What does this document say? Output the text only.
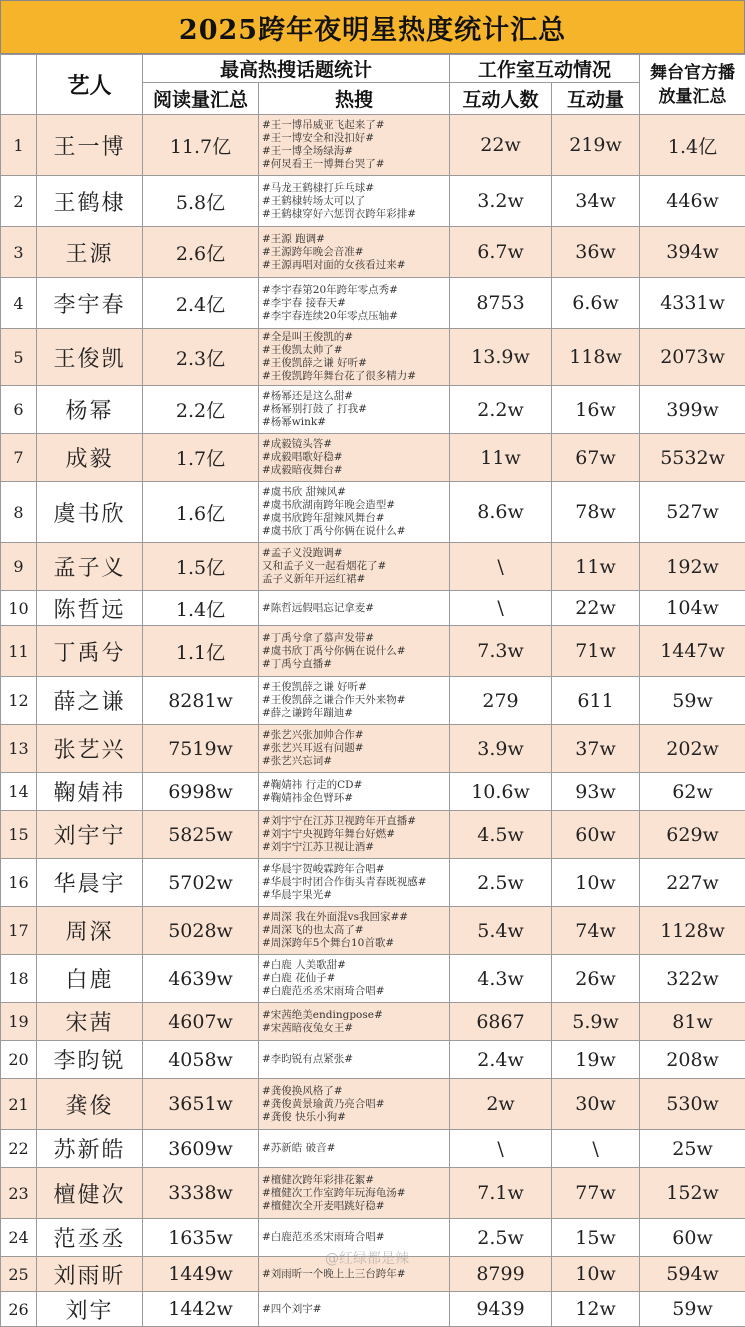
2025跨年夜明星热度统计汇总
	艺人	最高热搜话题统计		工作室互动情况		舞台官方播放量汇总
		阅读量汇总	热搜	互动人数	互动量	
1	王一博	11.7亿	#王一博吊威亚飞起来了#
#王一博安全和没扣好#
#王一博全场绿海#
#何炅看王一博舞台哭了#	22w	219w	1.4亿
2	王鹤棣	5.8亿	#马龙王鹤棣打乒乓球#
#王鹤棣转场太可以了
#王鹤棣穿好六惩罚衣跨年彩排#	3.2w	34w	446w
3	王源	2.6亿	#王源 跑调#
#王源跨年晚会音准#
#王源再唱对面的女孩看过来#	6.7w	36w	394w
4	李宇春	2.4亿	#李宇春第20年跨年零点秀#
#李宇春 接春天#
#李宇春连续20年零点压轴#	8753	6.6w	4331w
5	王俊凯	2.3亿	#全是叫王俊凯的#
#王俊凯太帅了#
#王俊凯薛之谦 好听#
#王俊凯跨年舞台花了很多精力#	13.9w	118w	2073w
6	杨幂	2.2亿	#杨幂还是这么甜#
#杨幂别打鼓了 打我#
#杨幂wink#	2.2w	16w	399w
7	成毅	1.7亿	#成毅镜头答#
#成毅唱歌好稳#
#成毅暗夜舞台#	11w	67w	5532w
8	虞书欣	1.6亿	#虞书欣 甜辣风#
#虞书欣湖南跨年晚会造型#
#虞书欣跨年甜辣风舞台#
#虞书欣丁禹兮你俩在说什么#	8.6w	78w	527w
9	孟子义	1.5亿	#孟子义没跑调#
又和孟子义一起看烟花了#
孟子义新年开运红裙#	\	11w	192w
10	陈哲远	1.4亿	#陈哲远假唱忘记拿麦#	\	22w	104w
11	丁禹兮	1.1亿	#丁禹兮拿了慕声发带#
#虞书欣丁禹兮你俩在说什么#
#丁禹兮直播#	7.3w	71w	1447w
12	薛之谦	8281w	#王俊凯薛之谦 好听#
#王俊凯薛之谦合作天外来物#
#薛之谦跨年蹦迪#	279	611	59w
13	张艺兴	7519w	#张艺兴张加帅合作#
#张艺兴耳返有问题#
#张艺兴忘词#	3.9w	37w	202w
14	鞠婧祎	6998w	#鞠婧祎 行走的CD#
#鞠婧祎金色臂环#	10.6w	93w	62w
15	刘宇宁	5825w	#刘宇宁在江苏卫视跨年开直播#
#刘宇宁央视跨年舞台好燃#
#刘宇宁江苏卫视让酒#	4.5w	60w	629w
16	华晨宇	5702w	#华晨宇贺峻霖跨年合唱#
#华晨宇时团合作街头青春既视感#
#华晨宇果光#	2.5w	10w	227w
17	周深	5028w	#周深 我在外面混vs我回家##
#周深飞的也太高了#
#周深跨年5个舞台10首歌#	5.4w	74w	1128w
18	白鹿	4639w	#白鹿 人美歌甜#
#白鹿 花仙子#
#白鹿范丞丞宋雨琦合唱#	4.3w	26w	322w
19	宋茜	4607w	#宋茜绝美endingpose#
#宋茜暗夜兔女王#	6867	5.9w	81w
20	李昀锐	4058w	#李昀锐有点紧张#	2.4w	19w	208w
21	龚俊	3651w	#龚俊换风格了#
#龚俊黄景瑜黄乃亮合唱#
#龚俊 快乐小狗#	2w	30w	530w
22	苏新皓	3609w	#苏新皓 破音#	\	\	25w
23	檀健次	3338w	#檀健次跨年彩排花絮#
#檀健次工作室跨年玩海龟汤#
#檀健次全开麦唱跳好稳#	7.1w	77w	152w
24	范丞丞	1635w	#白鹿范丞丞宋雨琦合唱#	2.5w	15w	60w
25	刘雨昕	1449w	#刘雨昕一个晚上上三台跨年#	8799	10w	594w
26	刘宇	1442w	#四个刘宇#	9439	12w	59w
@红绿都是辣
